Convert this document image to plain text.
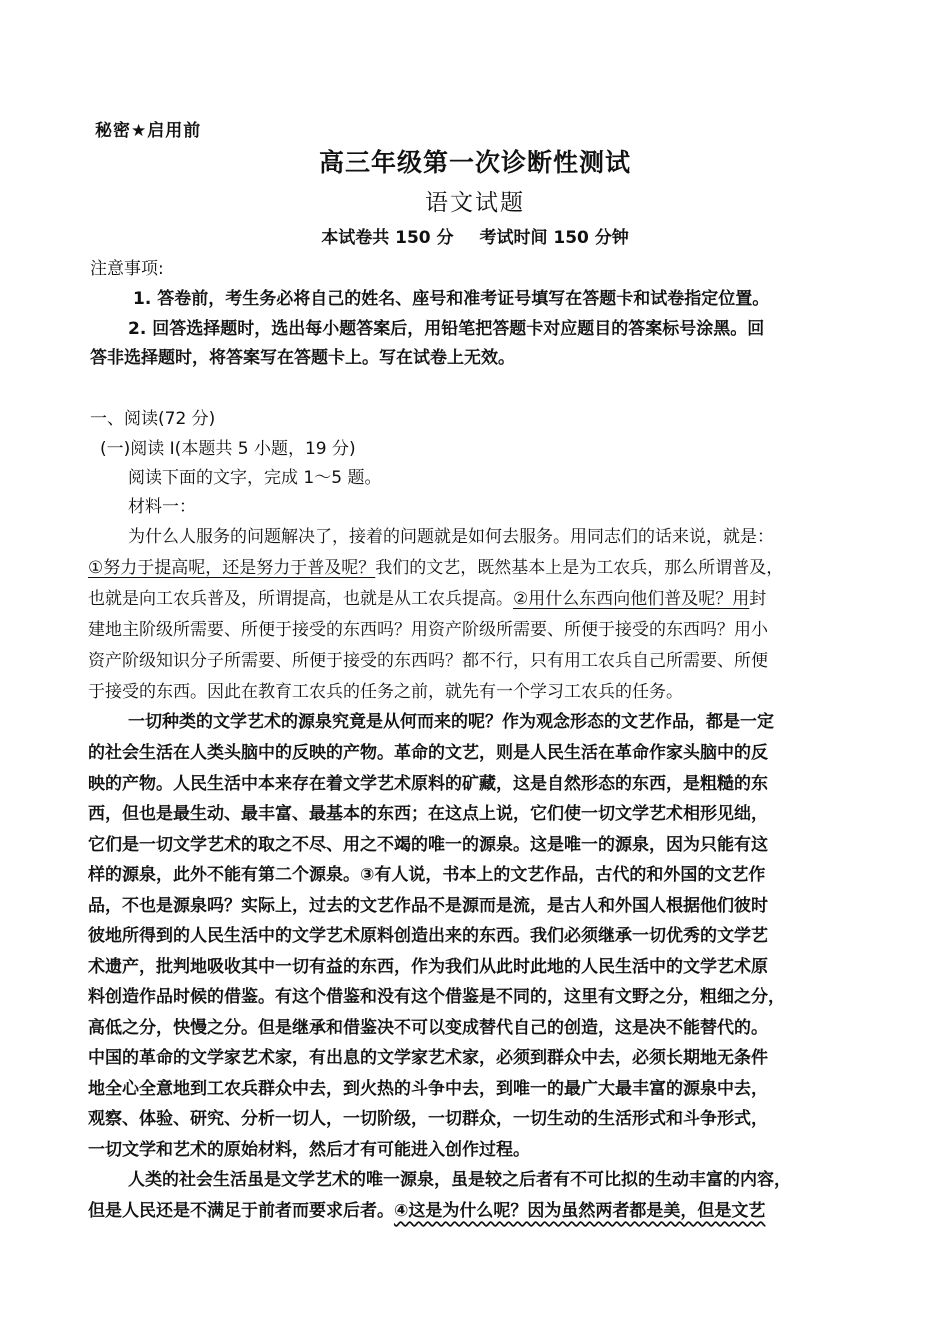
秘密★启用前
高三年级第一次诊断性测试
语文试题
本试卷共 150 分 考试时间 150 分钟
注意事项:
1. 答卷前，考生务必将自己的姓名、座号和准考证号填写在答题卡和试卷指定位置。
2. 回答选择题时，选出每小题答案后，用铅笔把答题卡对应题目的答案标号涂黑。回
答非选择题时，将答案写在答题卡上。写在试卷上无效。
一、阅读(72 分)
(一)阅读 I(本题共 5 小题，19 分)
阅读下面的文字，完成 1～5 题。
材料一：
为什么人服务的问题解决了，接着的问题就是如何去服务。用同志们的话来说，就是：
①努力于提高呢，还是努力于普及呢？我们的文艺，既然基本上是为工农兵，那么所谓普及，
也就是向工农兵普及，所谓提高，也就是从工农兵提高。②用什么东西向他们普及呢？用封
建地主阶级所需要、所便于接受的东西吗？用资产阶级所需要、所便于接受的东西吗？用小
资产阶级知识分子所需要、所便于接受的东西吗？都不行，只有用工农兵自己所需要、所便
于接受的东西。因此在教育工农兵的任务之前，就先有一个学习工农兵的任务。
一切种类的文学艺术的源泉究竟是从何而来的呢？作为观念形态的文艺作品，都是一定
的社会生活在人类头脑中的反映的产物。革命的文艺，则是人民生活在革命作家头脑中的反
映的产物。人民生活中本来存在着文学艺术原料的矿藏，这是自然形态的东西，是粗糙的东
西，但也是最生动、最丰富、最基本的东西；在这点上说，它们使一切文学艺术相形见绌，
它们是一切文学艺术的取之不尽、用之不竭的唯一的源泉。这是唯一的源泉，因为只能有这
样的源泉，此外不能有第二个源泉。③有人说，书本上的文艺作品，古代的和外国的文艺作
品，不也是源泉吗？实际上，过去的文艺作品不是源而是流，是古人和外国人根据他们彼时
彼地所得到的人民生活中的文学艺术原料创造出来的东西。我们必须继承一切优秀的文学艺
术遗产，批判地吸收其中一切有益的东西，作为我们从此时此地的人民生活中的文学艺术原
料创造作品时候的借鉴。有这个借鉴和没有这个借鉴是不同的，这里有文野之分，粗细之分，
高低之分，快慢之分。但是继承和借鉴决不可以变成替代自己的创造，这是决不能替代的。
中国的革命的文学家艺术家，有出息的文学家艺术家，必须到群众中去，必须长期地无条件
地全心全意地到工农兵群众中去，到火热的斗争中去，到唯一的最广大最丰富的源泉中去，
观察、体验、研究、分析一切人，一切阶级，一切群众，一切生动的生活形式和斗争形式，
一切文学和艺术的原始材料，然后才有可能进入创作过程。
人类的社会生活虽是文学艺术的唯一源泉，虽是较之后者有不可比拟的生动丰富的内容，
但是人民还是不满足于前者而要求后者。④这是为什么呢？因为虽然两者都是美，但是文艺
